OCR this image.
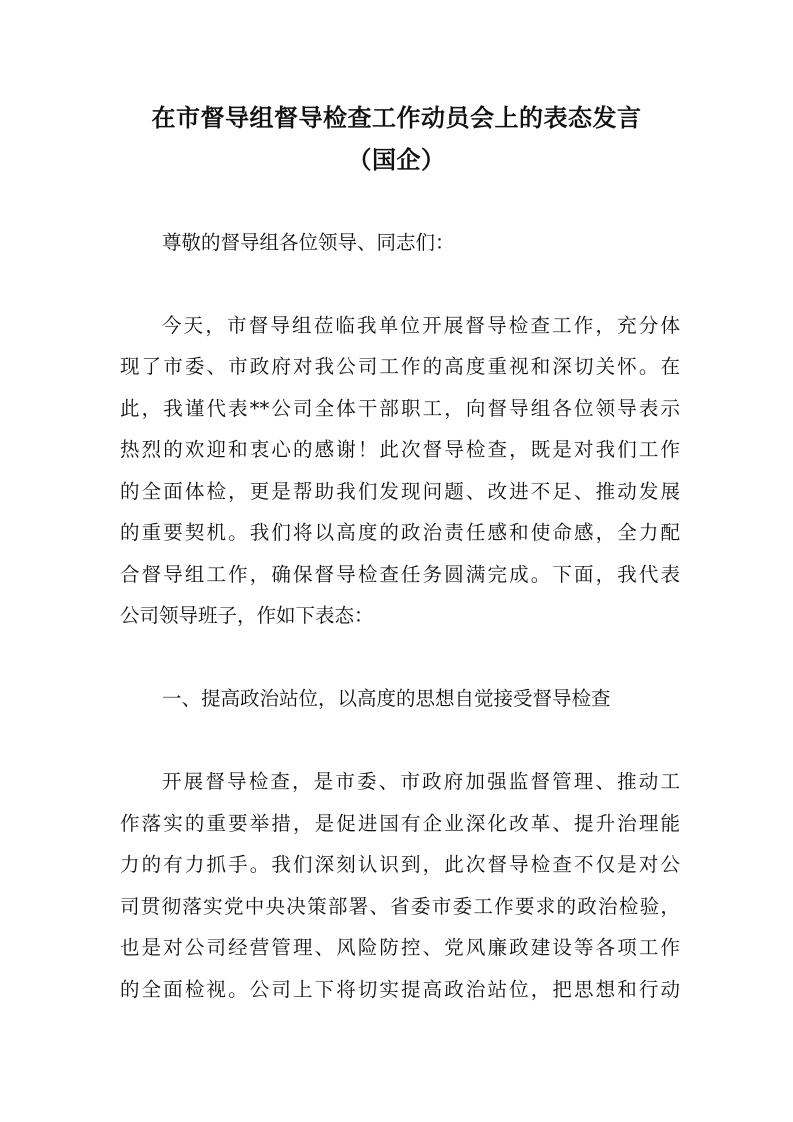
在市督导组督导检查工作动员会上的表态发言
（国企）
尊敬的督导组各位领导、同志们：
今天，市督导组莅临我单位开展督导检查工作，充分体
现了市委、市政府对我公司工作的高度重视和深切关怀。在
此，我谨代表**公司全体干部职工，向督导组各位领导表示
热烈的欢迎和衷心的感谢！此次督导检查，既是对我们工作
的全面体检，更是帮助我们发现问题、改进不足、推动发展
的重要契机。我们将以高度的政治责任感和使命感，全力配
合督导组工作，确保督导检查任务圆满完成。下面，我代表
公司领导班子，作如下表态：
一、提高政治站位，以高度的思想自觉接受督导检查
开展督导检查，是市委、市政府加强监督管理、推动工
作落实的重要举措，是促进国有企业深化改革、提升治理能
力的有力抓手。我们深刻认识到，此次督导检查不仅是对公
司贯彻落实党中央决策部署、省委市委工作要求的政治检验，
也是对公司经营管理、风险防控、党风廉政建设等各项工作
的全面检视。公司上下将切实提高政治站位，把思想和行动
